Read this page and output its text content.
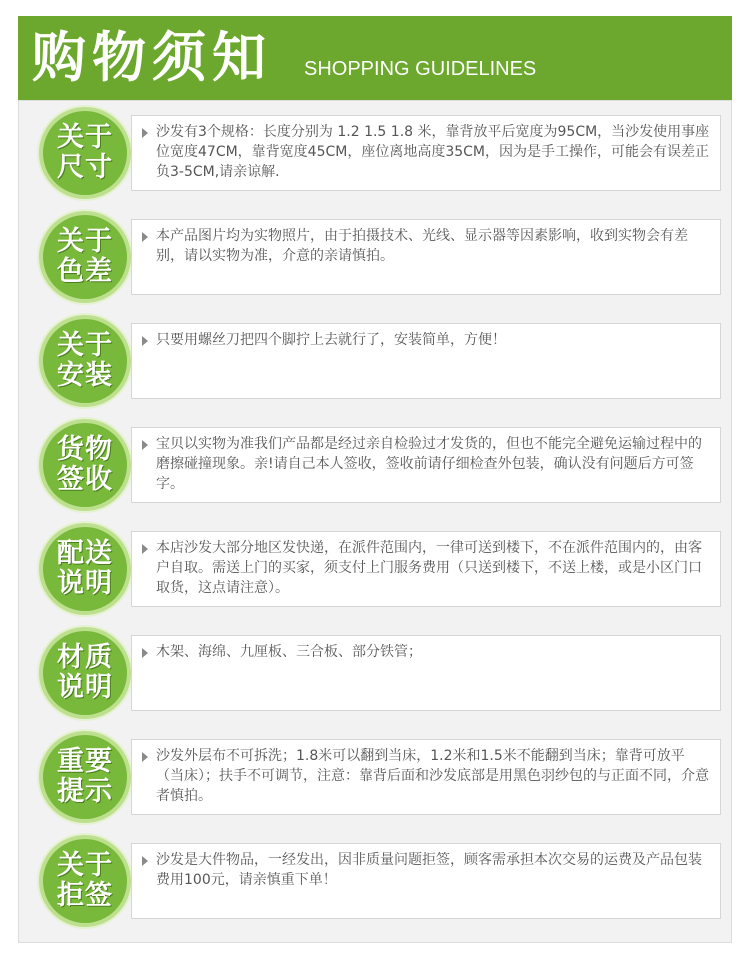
购物须知 SHOPPING GUIDELINES
关于
尺寸
沙发有3个规格：长度分别为 1.2 1.5 1.8 米，靠背放平后宽度为95CM，当沙发使用事座位宽度47CM，靠背宽度45CM，座位离地高度35CM，因为是手工操作，可能会有误差正负3-5CM,请亲谅解.
关于
色差
本产品图片均为实物照片，由于拍摄技术、光线、显示器等因素影响，收到实物会有差别，请以实物为准，介意的亲请慎拍。
关于
安装
只要用螺丝刀把四个脚拧上去就行了，安装简单，方便！
货物
签收
宝贝以实物为准我们产品都是经过亲自检验过才发货的，但也不能完全避免运输过程中的磨擦碰撞现象。亲!请自己本人签收，签收前请仔细检查外包装，确认没有问题后方可签字。
配送
说明
本店沙发大部分地区发快递，在派件范围内，一律可送到楼下，不在派件范围内的，由客户自取。需送上门的买家，须支付上门服务费用（只送到楼下，不送上楼，或是小区门口取货，这点请注意）。
材质
说明
木架、海绵、九厘板、三合板、部分铁管；
重要
提示
沙发外层布不可拆洗；1.8米可以翻到当床，1.2米和1.5米不能翻到当床；靠背可放平（当床）；扶手不可调节，注意：靠背后面和沙发底部是用黑色羽纱包的与正面不同，介意者慎拍。
关于
拒签
沙发是大件物品，一经发出，因非质量问题拒签，顾客需承担本次交易的运费及产品包装费用100元，请亲慎重下单！
